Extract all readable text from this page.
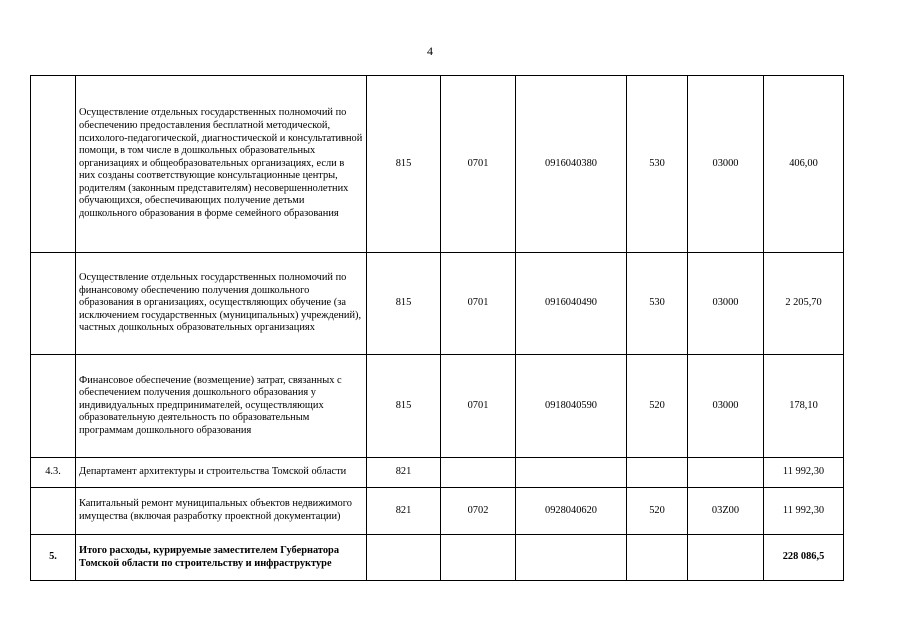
4
	Осуществление отдельных государственных полномочий по обеспечению предоставления бесплатной методической, психолого-педагогической, диагностической и консультативной помощи, в том числе в дошкольных образовательных организациях и общеобразовательных организациях, если в них созданы соответствующие консультационные центры, родителям (законным представителям) несовершеннолетних обучающихся, обеспечивающих получение детьми дошкольного образования в форме семейного образования	815	0701	0916040380	530	03000	406,00
	Осуществление отдельных государственных полномочий по финансовому обеспечению получения дошкольного образования в организациях, осуществляющих обучение (за исключением государственных (муниципальных) учреждений), частных дошкольных образовательных организациях	815	0701	0916040490	530	03000	2 205,70
	Финансовое обеспечение (возмещение) затрат, связанных с обеспечением получения дошкольного образования у индивидуальных предпринимателей, осуществляющих образовательную деятельность по образовательным программам дошкольного образования	815	0701	0918040590	520	03000	178,10
4.3.	Департамент архитектуры и строительства Томской области	821					11 992,30
	Капитальный ремонт муниципальных объектов недвижимого имущества (включая разработку проектной документации)	821	0702	0928040620	520	03Z00	11 992,30
5.	Итого расходы, курируемые заместителем Губернатора Томской области по строительству и инфраструктуре						228 086,5
